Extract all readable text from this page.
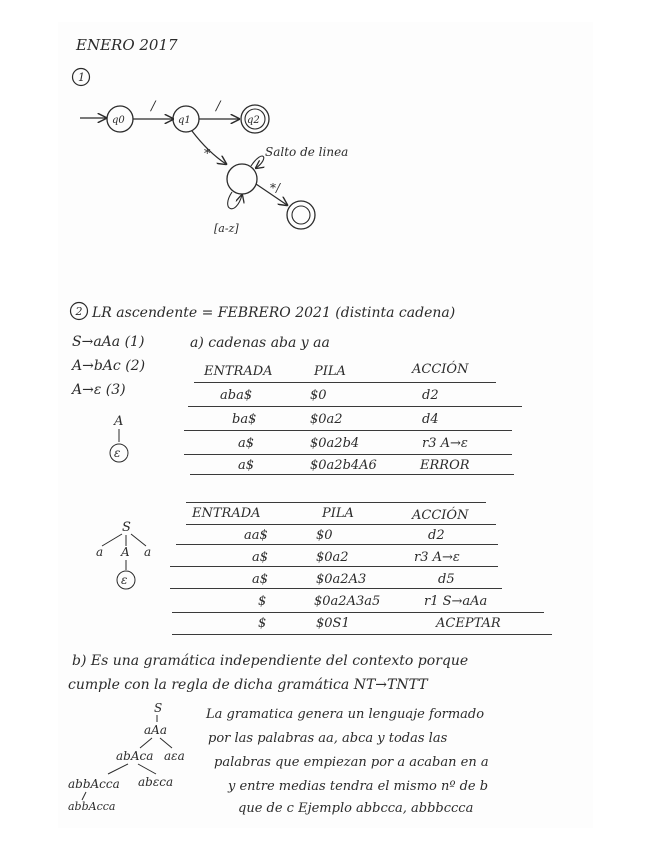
ENERO 2017
1
q0
/
q1
/
q2
*	Salto de linea
[a-z]
*/
2 LR ascendente = FEBRERO 2021 (distinta cadena)
S→aAa (1)
A→bAc (2)
A→ε (3)
a) cadenas aba y aa
A
ε
ENTRADA	PILA	ACCIÓN
aba$	$0	d2
ba$	$0a2	d4
a$	$0a2b4	r3 A→ε
a$	$0a2b4A6	ERROR
S
a A a
ε
ENTRADA	PILA	ACCIÓN
aa$	$0	d2
a$	$0a2	r3 A→ε
a$	$0a2A3	d5
$	$0a2A3a5	r1 S→aAa
$	$0S1	ACEPTAR
b) Es una gramática independiente del contexto porque
cumple con la regla de dicha gramática NT→TNTT
S
aAa
abAca aεa
abbAcca abεca
abbAcca
La gramatica genera un lenguaje formado
por las palabras aa, abca y todas las
palabras que empiezan por a acaban en a
y entre medias tendra el mismo nº de b
que de c Ejemplo abbcca, abbbccca
